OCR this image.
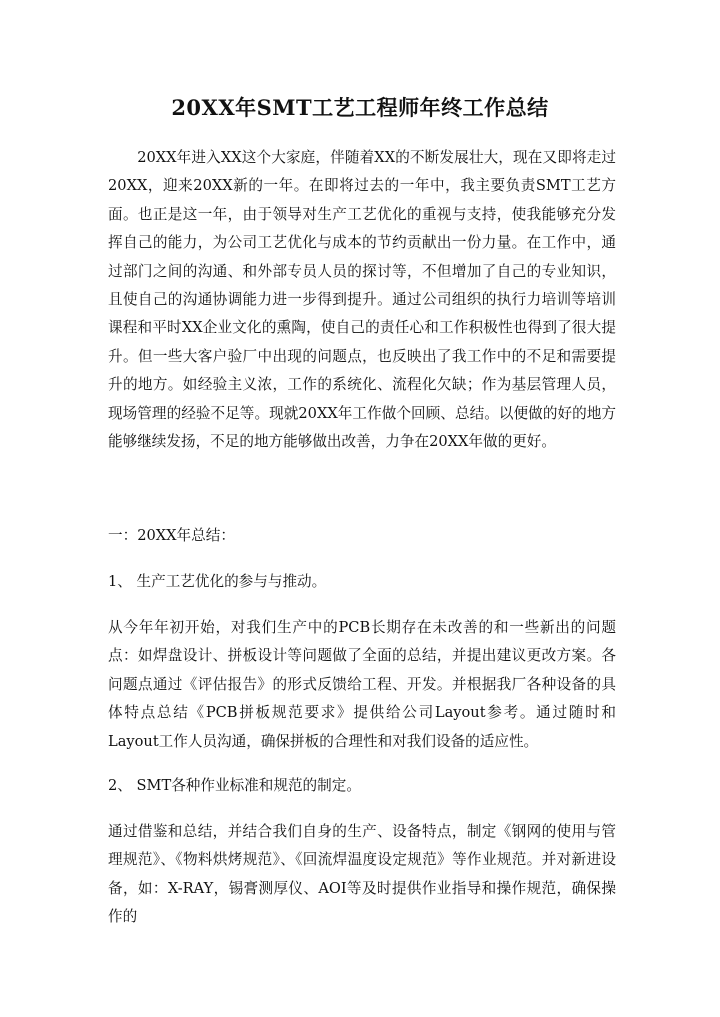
20XX年SMT工艺工程师年终工作总结

20XX年进入XX这个大家庭，伴随着XX的不断发展壮大，现在又即将走过20XX，迎来20XX新的一年。在即将过去的一年中，我主要负责SMT工艺方面。也正是这一年，由于领导对生产工艺优化的重视与支持，使我能够充分发挥自己的能力，为公司工艺优化与成本的节约贡献出一份力量。在工作中，通过部门之间的沟通、和外部专员人员的探讨等，不但增加了自己的专业知识，且使自己的沟通协调能力进一步得到提升。通过公司组织的执行力培训等培训课程和平时XX企业文化的熏陶，使自己的责任心和工作积极性也得到了很大提升。但一些大客户验厂中出现的问题点，也反映出了我工作中的不足和需要提升的地方。如经验主义浓，工作的系统化、流程化欠缺；作为基层管理人员，现场管理的经验不足等。现就20XX年工作做个回顾、总结。以便做的好的地方能够继续发扬，不足的地方能够做出改善，力争在20XX年做的更好。

一：20XX年总结：

1、 生产工艺优化的参与与推动。

从今年年初开始，对我们生产中的PCB长期存在未改善的和一些新出的问题点：如焊盘设计、拼板设计等问题做了全面的总结，并提出建议更改方案。各问题点通过《评估报告》的形式反馈给工程、开发。并根据我厂各种设备的具体特点总结《PCB拼板规范要求》提供给公司Layout参考。通过随时和Layout工作人员沟通，确保拼板的合理性和对我们设备的适应性。

2、 SMT各种作业标准和规范的制定。

通过借鉴和总结，并结合我们自身的生产、设备特点，制定《钢网的使用与管理规范》、《物料烘烤规范》、《回流焊温度设定规范》等作业规范。并对新进设备，如：X-RAY，锡膏测厚仪、AOI等及时提供作业指导和操作规范，确保操作的
